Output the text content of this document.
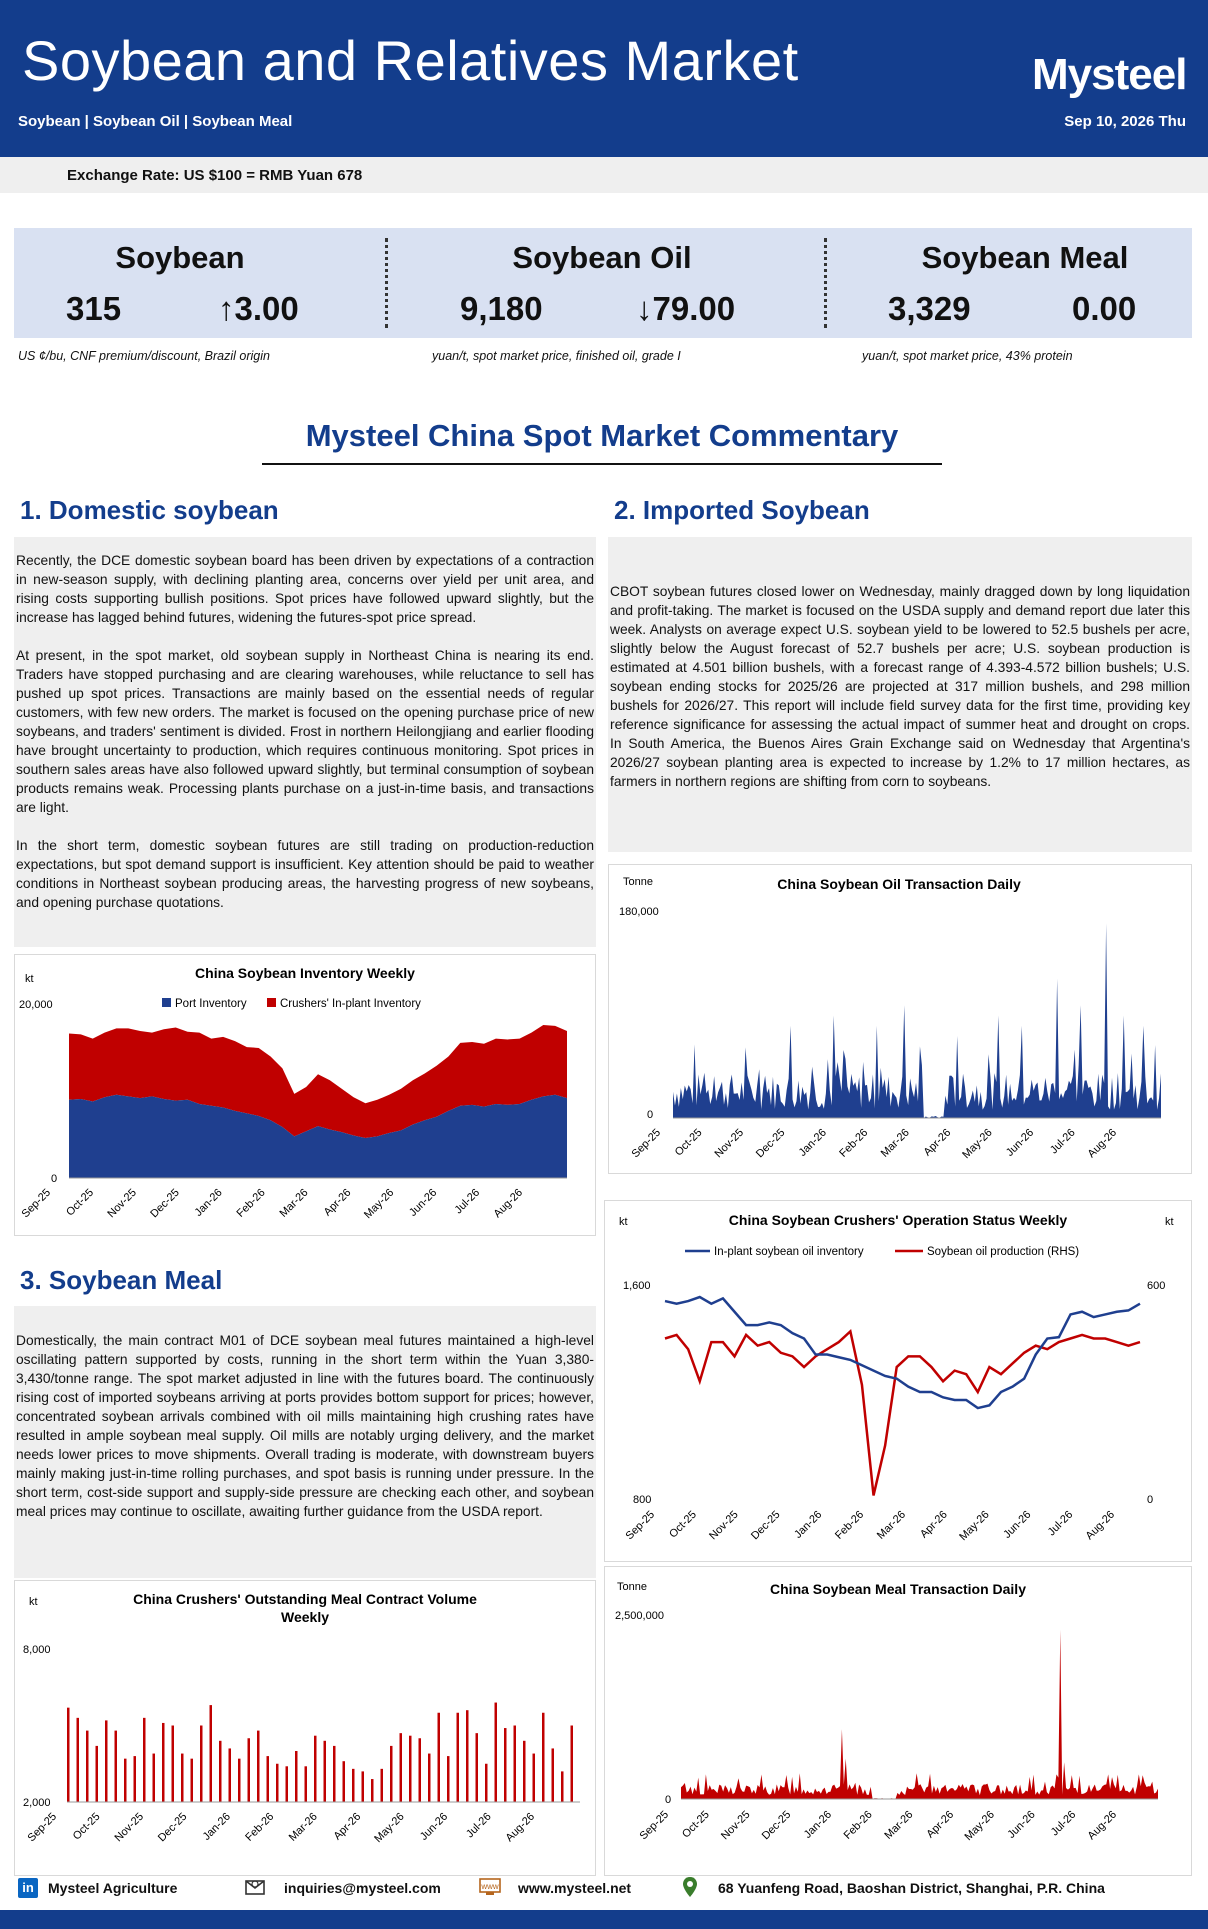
Soybean and Relatives Market	Mysteel
Soybean | Soybean Oil | Soybean Meal	Sep 10, 2026 Thu
Exchange Rate: US $100 = RMB Yuan 678
Soybean
315	↑3.00
Soybean Oil
9,180	↓79.00
Soybean Meal
3,329	0.00
US ¢/bu, CNF premium/discount, Brazil origin	yuan/t, spot market price, finished oil, grade I	yuan/t, spot market price, 43% protein
Mysteel China Spot Market Commentary
1. Domestic soybean

Recently, the DCE domestic soybean board has been driven by expectations of a contraction in new-season supply, with declining planting area, concerns over yield per unit area, and rising costs supporting bullish positions. Spot prices have followed upward slightly, but the increase has lagged behind futures, widening the futures-spot price spread.

At present, in the spot market, old soybean supply in Northeast China is nearing its end. Traders have stopped purchasing and are clearing warehouses, while reluctance to sell has pushed up spot prices. Transactions are mainly based on the essential needs of regular customers, with few new orders. The market is focused on the opening purchase price of new soybeans, and traders' sentiment is divided. Frost in northern Heilongjiang and earlier flooding have brought uncertainty to production, which requires continuous monitoring. Spot prices in southern sales areas have also followed upward slightly, but terminal consumption of soybean products remains weak. Processing plants purchase on a just-in-time basis, and transactions are light.

In the short term, domestic soybean futures are still trading on production-reduction expectations, but spot demand support is insufficient. Key attention should be paid to weather conditions in Northeast soybean producing areas, the harvesting progress of new soybeans, and opening purchase quotations.

2. Imported Soybean

CBOT soybean futures closed lower on Wednesday, mainly dragged down by long liquidation and profit-taking. The market is focused on the USDA supply and demand report due later this week. Analysts on average expect U.S. soybean yield to be lowered to 52.5 bushels per acre, slightly below the August forecast of 52.7 bushels per acre; U.S. soybean production is estimated at 4.501 billion bushels, with a forecast range of 4.393-4.572 billion bushels; U.S. soybean ending stocks for 2025/26 are projected at 317 million bushels, and 298 million bushels for 2026/27. This report will include field survey data for the first time, providing key reference significance for assessing the actual impact of summer heat and drought on crops. In South America, the Buenos Aires Grain Exchange said on Wednesday that Argentina's 2026/27 soybean planting area is expected to increase by 1.2% to 17 million hectares, as farmers in northern regions are shifting from corn to soybeans.

3. Soybean Meal

Domestically, the main contract M01 of DCE soybean meal futures maintained a high-level oscillating pattern supported by costs, running in the short term within the Yuan 3,380-3,430/tonne range. The spot market adjusted in line with the futures board. The continuously rising cost of imported soybeans arriving at ports provides bottom support for prices; however, concentrated soybean arrivals combined with oil mills maintaining high crushing rates have resulted in ample soybean meal supply. Oil mills are notably urging delivery, and the market needs lower prices to move shipments. Overall trading is moderate, with downstream buyers mainly making just-in-time rolling purchases, and spot basis is running under pressure. In the short term, cost-side support and supply-side pressure are checking each other, and soybean meal prices may continue to oscillate, awaiting further guidance from the USDA report.

China Soybean Inventory Weekly
kt
20,000
0
Port Inventory	Crushers' In-plant Inventory
Sep-25 Oct-25 Nov-25 Dec-25 Jan-26 Feb-26 Mar-26 Apr-26 May-26 Jun-26 Jul-26 Aug-26
China Soybean Oil Transaction Daily
Tonne
180,000
0
Sep-25 Oct-25 Nov-25 Dec-25 Jan-26 Feb-26 Mar-26 Apr-26 May-26 Jun-26 Jul-26 Aug-26
China Soybean Crushers' Operation Status Weekly
kt	kt
In-plant soybean oil inventory	Soybean oil production (RHS)
1,600
800
600
0
Sep-25 Oct-25 Nov-25 Dec-25 Jan-26 Feb-26 Mar-26 Apr-26 May-26 Jun-26 Jul-26 Aug-26
China Crushers' Outstanding Meal Contract Volume
Weekly
kt
8,000
2,000
Sep-25 Oct-25 Nov-25 Dec-25 Jan-26 Feb-26 Mar-26 Apr-26 May-26 Jun-26 Jul-26 Aug-26
China Soybean Meal Transaction Daily
Tonne
2,500,000
0
Sep-25 Oct-25 Nov-25 Dec-25 Jan-26 Feb-26 Mar-26 Apr-26 May-26 Jun-26 Jul-26 Aug-26
in	Mysteel Agriculture	inquiries@mysteel.com	www www.mysteel.net	68 Yuanfeng Road, Baoshan District, Shanghai, P.R. China
